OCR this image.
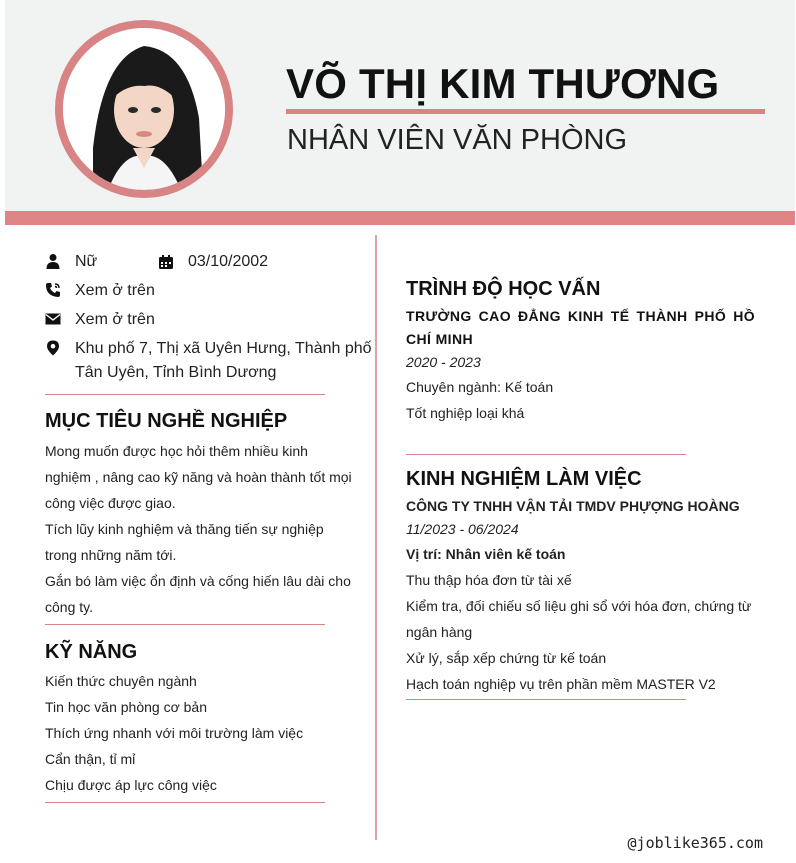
VÕ THỊ KIM THƯƠNG
NHÂN VIÊN VĂN PHÒNG
Nữ	03/10/2002
Xem ở trên
Xem ở trên
Khu phố 7, Thị xã Uyên Hưng, Thành phố
Tân Uyên, Tỉnh Bình Dương
MỤC TIÊU NGHỀ NGHIỆP
Mong muốn được học hỏi thêm nhiều kinh
nghiệm , nâng cao kỹ năng và hoàn thành tốt mọi
công việc được giao.
Tích lũy kinh nghiệm và thăng tiến sự nghiệp
trong những năm tới.
Gắn bó làm việc ổn định và cống hiến lâu dài cho
công ty.
KỸ NĂNG
Kiến thức chuyên ngành
Tin học văn phòng cơ bản
Thích ứng nhanh với môi trường làm việc
Cẩn thận, tỉ mỉ
Chịu được áp lực công việc
TRÌNH ĐỘ HỌC VẤN
TRƯỜNG CAO ĐẲNG KINH TẾ THÀNH PHỐ HỒ CHÍ MINH
2020 - 2023
Chuyên ngành: Kế toán
Tốt nghiệp loại khá
KINH NGHIỆM LÀM VIỆC
CÔNG TY TNHH VẬN TẢI TMDV PHỰỢNG HOÀNG
11/2023 - 06/2024
Vị trí: Nhân viên kế toán
Thu thập hóa đơn từ tài xế
Kiểm tra, đối chiếu số liệu ghi sổ với hóa đơn, chứng từ
ngân hàng
Xử lý, sắp xếp chứng từ kế toán
Hạch toán nghiệp vụ trên phần mềm MASTER V2
@joblike365.com
